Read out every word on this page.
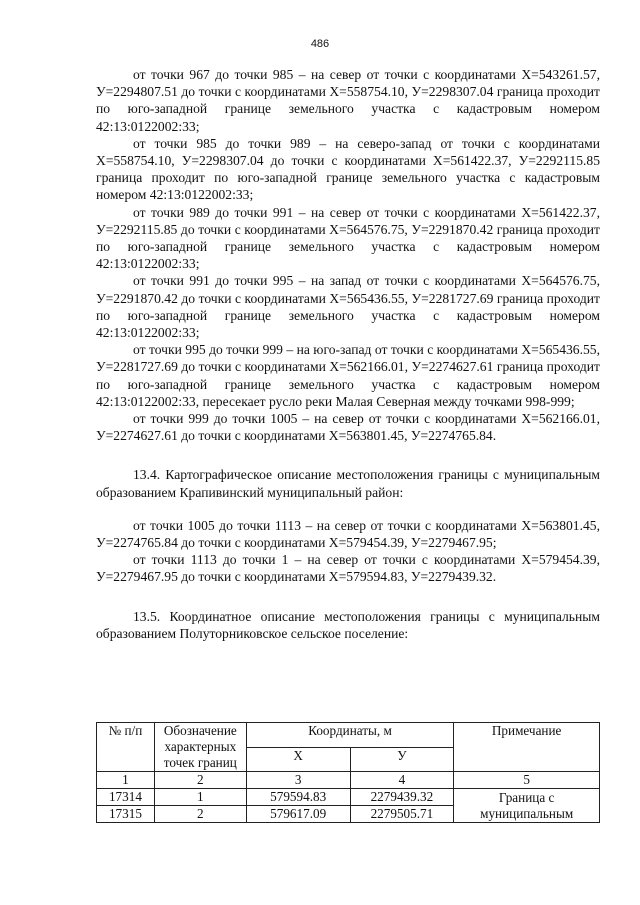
486

от точки 967 до точки 985 – на север от точки с координатами X=543261.57, У=2294807.51 до точки с координатами X=558754.10, У=2298307.04 граница проходит по юго-западной границе земельного участка с кадастровым номером 42:13:0122002:33;

от точки 985 до точки 989 – на северо-запад от точки с координатами X=558754.10, У=2298307.04 до точки с координатами X=561422.37, У=2292115.85 граница проходит по юго-западной границе земельного участка с кадастровым номером 42:13:0122002:33;

от точки 989 до точки 991 – на север от точки с координатами X=561422.37, У=2292115.85 до точки с координатами X=564576.75, У=2291870.42 граница проходит по юго-западной границе земельного участка с кадастровым номером 42:13:0122002:33;

от точки 991 до точки 995 – на запад от точки с координатами X=564576.75, У=2291870.42 до точки с координатами X=565436.55, У=2281727.69 граница проходит по юго-западной границе земельного участка с кадастровым номером 42:13:0122002:33;

от точки 995 до точки 999 – на юго-запад от точки с координатами X=565436.55, У=2281727.69 до точки с координатами X=562166.01, У=2274627.61 граница проходит по юго-западной границе земельного участка с кадастровым номером 42:13:0122002:33, пересекает русло реки Малая Северная между точками 998-999;

от точки 999 до точки 1005 – на север от точки с координатами X=562166.01, У=2274627.61 до точки с координатами X=563801.45, У=2274765.84.

13.4. Картографическое описание местоположения границы с муниципальным образованием Крапивинский муниципальный район:

от точки 1005 до точки 1113 – на север от точки с координатами X=563801.45, У=2274765.84 до точки с координатами X=579454.39, У=2279467.95;

от точки 1113 до точки 1 – на север от точки с координатами X=579454.39, У=2279467.95 до точки с координатами X=579594.83, У=2279439.32.

13.5. Координатное описание местоположения границы с муниципальным образованием Полуторниковское сельское поселение:

№ п/п	Обозначение характерных точек границ	Координаты, м		Примечание
		X	У	
1	2	3	4	5
17314	1	579594.83	2279439.32	Граница с муниципальным
17315	2	579617.09	2279505.71	
